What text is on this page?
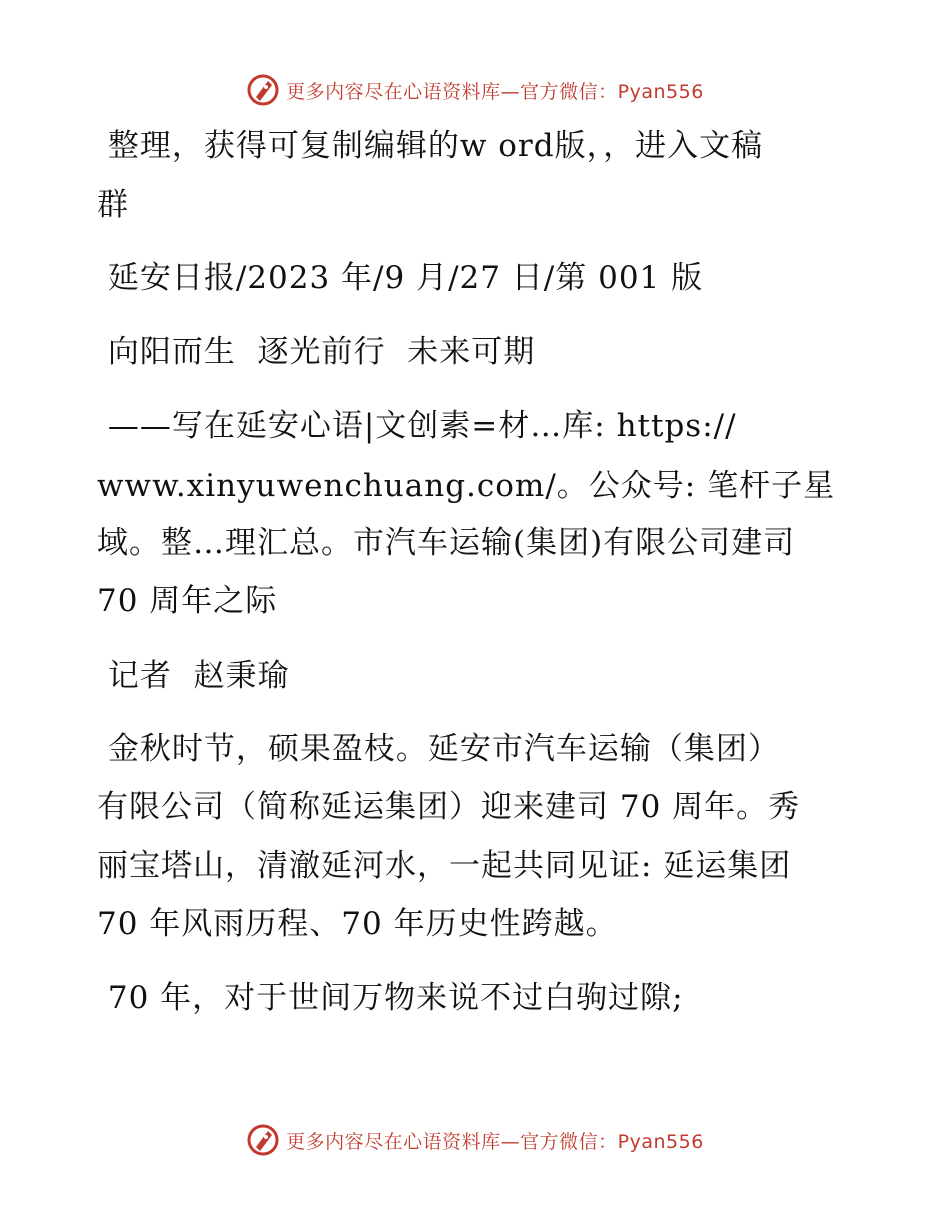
更多内容尽在心语资料库—官方微信：Pyan556
整理，获得可复制编辑的w ord版，，进入文稿
群
延安日报/2023 年/9 月/27 日/第 001 版
向阳而生  逐光前行  未来可期
——写在延安心语|文创素=材…库: https://
www.xinyuwenchuang.com/。公众号: 笔杆子星
域。整…理汇总。市汽车运输(集团)有限公司建司
70 周年之际
记者  赵秉瑜
金秋时节，硕果盈枝。延安市汽车运输（集团）
有限公司（简称延运集团）迎来建司 70 周年。秀
丽宝塔山，清澈延河水，一起共同见证: 延运集团
70 年风雨历程、70 年历史性跨越。
70 年，对于世间万物来说不过白驹过隙;
更多内容尽在心语资料库—官方微信：Pyan556
